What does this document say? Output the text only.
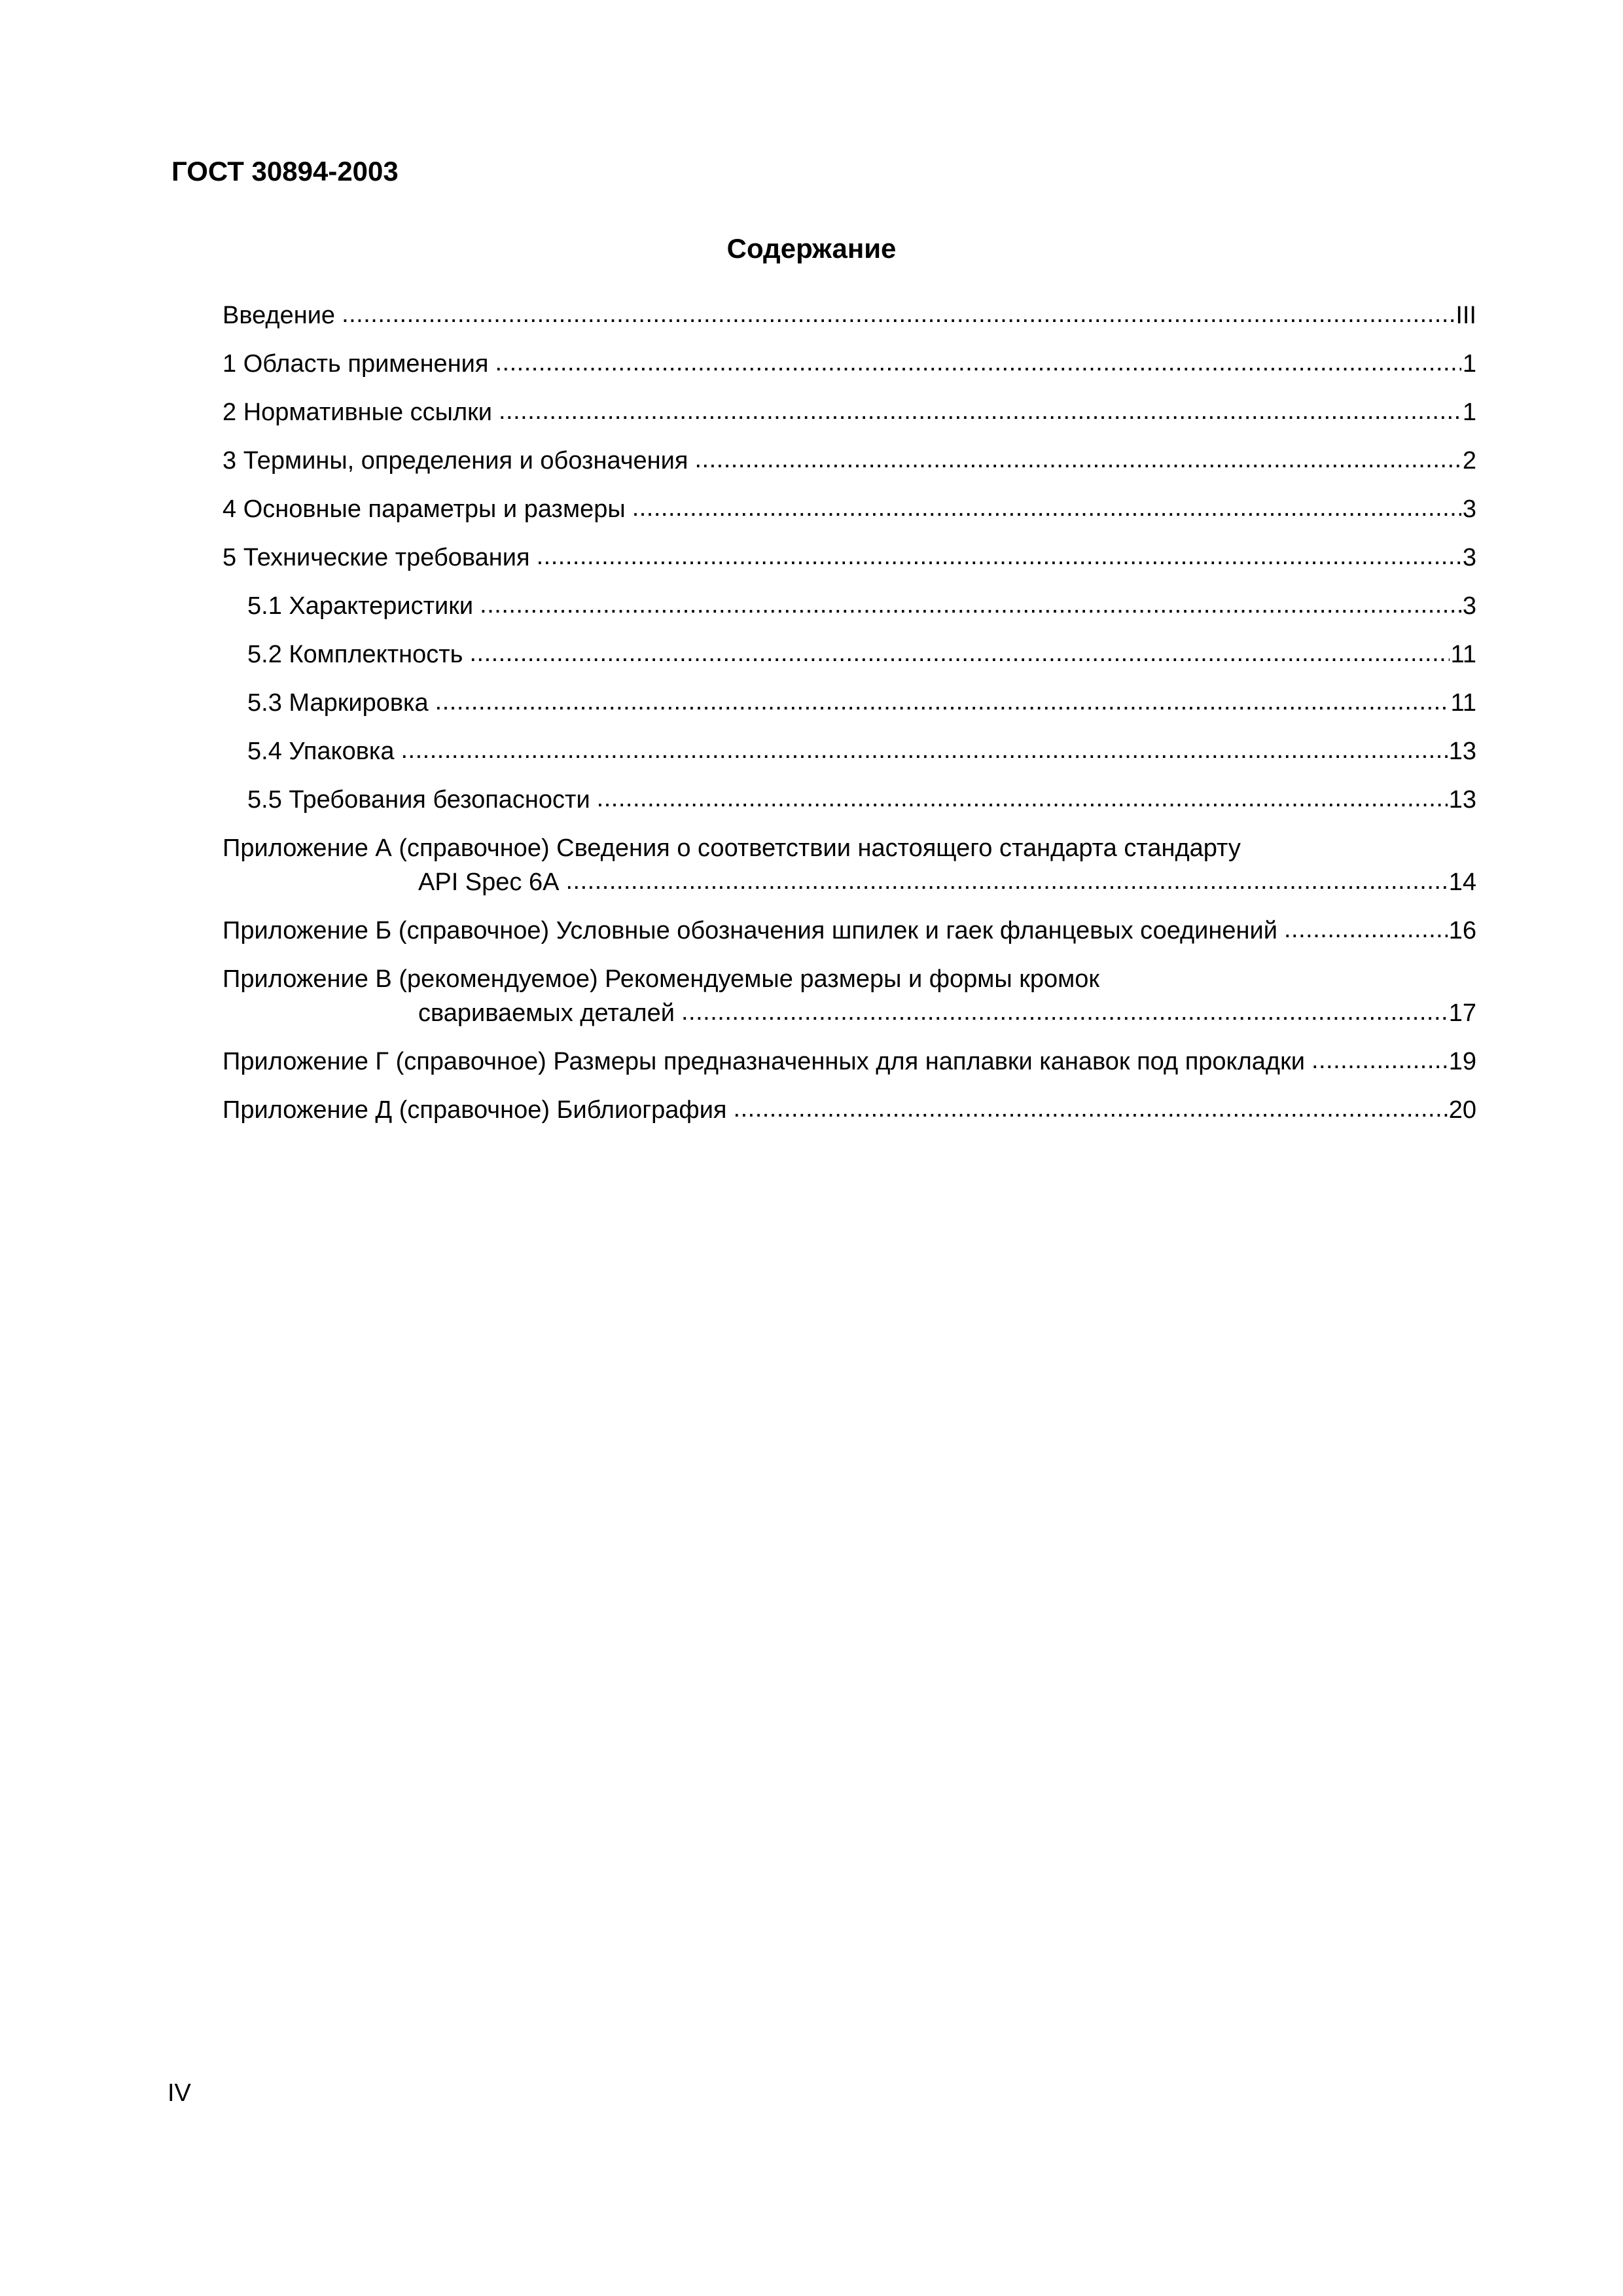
ГОСТ 30894-2003
Содержание
Введение .....	III
1 Область применения .....	1
2 Нормативные ссылки .....	1
3 Термины, определения и обозначения .....	2
4 Основные параметры и размеры .....	3
5 Технические требования .....	3
5.1 Характеристики .....	3
5.2 Комплектность .....	11
5.3 Маркировка .....	11
5.4 Упаковка .....	13
5.5 Требования безопасности .....	13
Приложение А (справочное) Сведения о соответствии настоящего стандарта стандарту
API Spec 6A .....	14
Приложение Б (справочное) Условные обозначения шпилек и гаек фланцевых соединений .....	16
Приложение В (рекомендуемое) Рекомендуемые размеры и формы кромок
свариваемых деталей .....	17
Приложение Г (справочное) Размеры предназначенных для наплавки канавок под прокладки .....	19
Приложение Д (справочное) Библиография .....	20
IV
